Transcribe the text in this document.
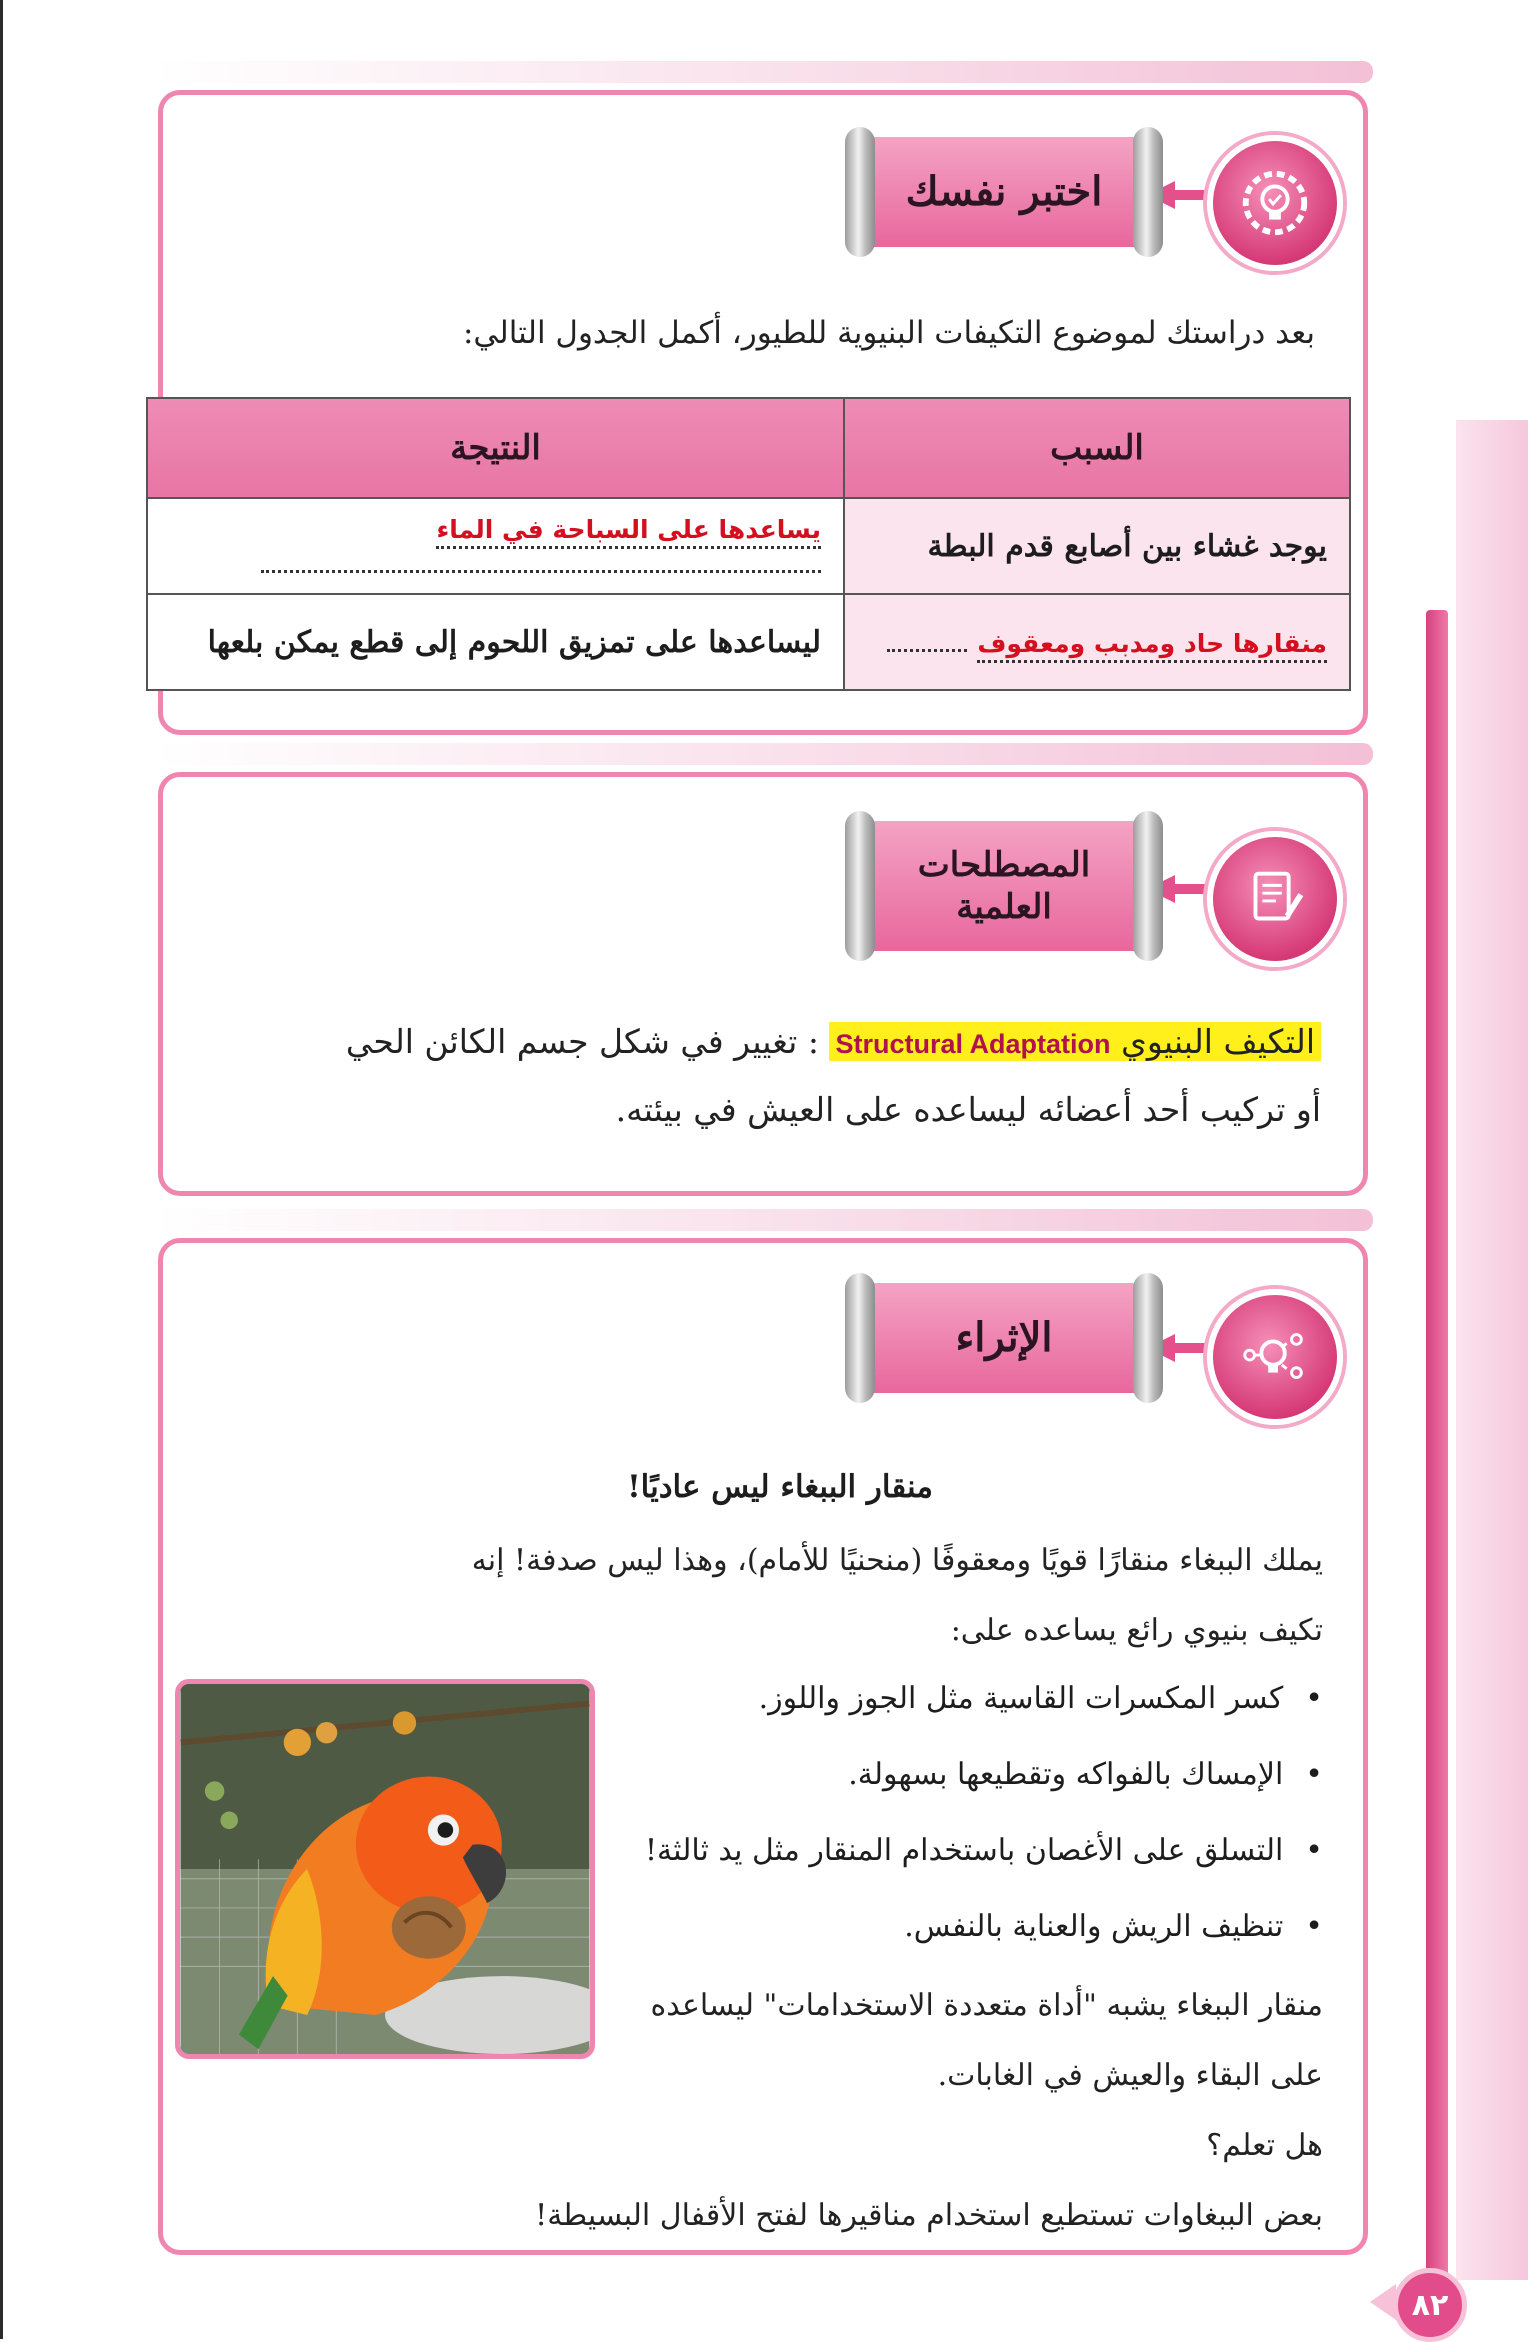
اختبر نفسك
بعد دراستك لموضوع التكيفات البنيوية للطيور، أكمل الجدول التالي:
السبب	النتيجة
يوجد غشاء بين أصابع قدم البطة	يساعدها على السباحة في الماء
منقارها حاد ومدبب ومعقوف	ليساعدها على تمزيق اللحوم إلى قطع يمكن بلعها
المصطلحات العلمية
التكيف البنيوي Structural Adaptation : تغيير في شكل جسم الكائن الحي
أو تركيب أحد أعضائه ليساعده على العيش في بيئته.
الإثراء
منقار الببغاء ليس عاديًا!
يملك الببغاء منقارًا قويًا ومعقوفًا (منحنيًا للأمام)، وهذا ليس صدفة! إنه
تكيف بنيوي رائع يساعده على:
• كسر المكسرات القاسية مثل الجوز واللوز.
• الإمساك بالفواكه وتقطيعها بسهولة.
• التسلق على الأغصان باستخدام المنقار مثل يد ثالثة!
• تنظيف الريش والعناية بالنفس.
منقار الببغاء يشبه "أداة متعددة الاستخدامات" ليساعده
على البقاء والعيش في الغابات.
هل تعلم؟
بعض الببغاوات تستطيع استخدام مناقيرها لفتح الأقفال البسيطة!
٨٢
